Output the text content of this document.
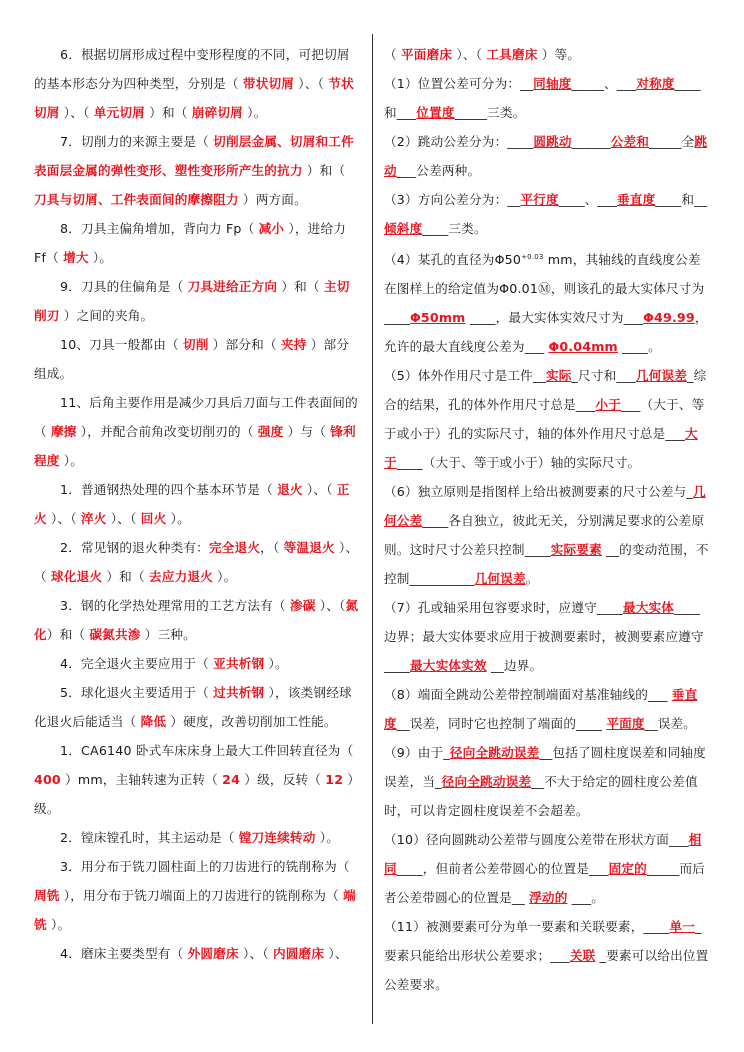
6．根据切屑形成过程中变形程度的不同，可把切屑的基本形态分为四种类型，分别是（ 带状切屑 ）、（ 节状切屑 ）、（ 单元切屑 ）和（ 崩碎切屑 ）。

7．切削力的来源主要是（ 切削层金属、切屑和工件表面层金属的弹性变形、塑性变形所产生的抗力 ）和（ 刀具与切屑、工件表面间的摩擦阻力 ）两方面。

8．刀具主偏角增加，背向力 Fp（ 减小 ），进给力 Ff（ 增大 ）。

9．刀具的住偏角是（ 刀具进给正方向 ）和（ 主切削刃 ）之间的夹角。

10、刀具一般都由（ 切削 ）部分和（ 夹持 ）部分组成。

11、后角主要作用是减少刀具后刀面与工件表面间的（ 摩擦 ），并配合前角改变切削刃的（ 强度 ）与（ 锋利程度 ）。

1．普通钢热处理的四个基本环节是（ 退火 ）、（ 正火 ）、（ 淬火 ）、（ 回火 ）。

2．常见钢的退火种类有：完全退火，（ 等温退火 ）、（ 球化退火 ）和（ 去应力退火 ）。

3．钢的化学热处理常用的工艺方法有（ 渗碳 ）、（氮化）和（ 碳氮共渗 ）三种。

4．完全退火主要应用于（ 亚共析钢 ）。

5．球化退火主要适用于（ 过共析钢 ），该类钢经球化退火后能适当（ 降低 ）硬度，改善切削加工性能。

1．CA6140 卧式车床床身上最大工件回转直径为（ 400 ）mm，主轴转速为正转（ 24 ）级，反转（ 12 ）级。

2．镗床镗孔时，其主运动是（ 镗刀连续转动 ）。

3．用分布于铣刀圆柱面上的刀齿进行的铣削称为（ 周铣 ），用分布于铣刀端面上的刀齿进行的铣削称为（ 端铣 ）。

4．磨床主要类型有（ 外圆磨床 ）、（ 内圆磨床 ）、

（ 平面磨床 ）、（ 工具磨床 ）等。

（1）位置公差可分为：__同轴度_____、___对称度____和___位置度_____三类。

（2）跳动公差分为：____圆跳动______公差和_____全跳动___公差两种。

（3）方向公差分为：__平行度____、___垂直度____和__倾斜度____三类。

（4）某孔的直径为$\Phi 50^{+0.03}$ mm，其轴线的直线度公差在图样上的给定值为Φ0.01Ⓜ，则该孔的最大实体尺寸为____Φ50mm ____，最大实体实效尺寸为___Φ49.99，允许的最大直线度公差为___ Φ0.04mm ____。

（5）体外作用尺寸是工件__实际_尺寸和___几何误差_综合的结果，孔的体外作用尺寸总是___小于___（大于、等于或小于）孔的实际尺寸，轴的体外作用尺寸总是___大于____（大于、等于或小于）轴的实际尺寸。

（6）独立原则是指图样上给出被测要素的尺寸公差与_几何公差____各自独立，彼此无关，分别满足要求的公差原则。这时尺寸公差只控制____实际要素 __的变动范围，不控制__________几何误差。

（7）孔或轴采用包容要求时，应遵守____最大实体____边界；最大实体要求应用于被测要素时，被测要素应遵守____最大实体实效 __边界。

（8）端面全跳动公差带控制端面对基准轴线的___ 垂直度__误差，同时它也控制了端面的____ 平面度__误差。

（9）由于_径向全跳动误差__包括了圆柱度误差和同轴度误差，当_径向全跳动误差__不大于给定的圆柱度公差值时，可以肯定圆柱度误差不会超差。

（10）径向圆跳动公差带与圆度公差带在形状方面___相同____，但前者公差带圆心的位置是___固定的_____而后者公差带圆心的位置是__ 浮动的 ___。

（11）被测要素可分为单一要素和关联要素，____单一_要素只能给出形状公差要求；___关联 _要素可以给出位置公差要求。
